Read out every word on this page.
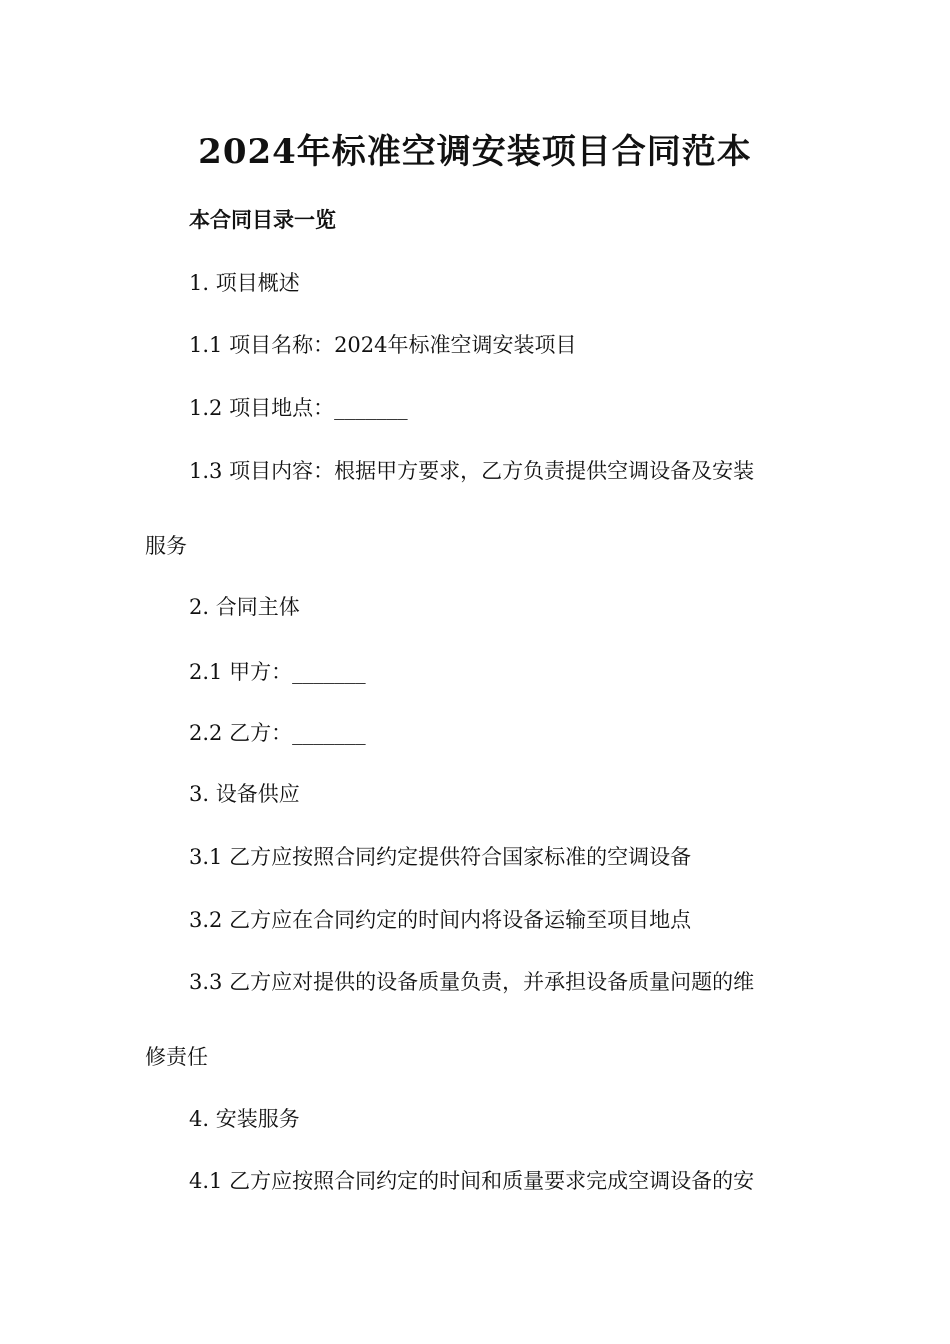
2024年标准空调安装项目合同范本

本合同目录一览

1. 项目概述

1.1 项目名称：2024年标准空调安装项目

1.2 项目地点：_______

1.3 项目内容：根据甲方要求，乙方负责提供空调设备及安装

服务

2. 合同主体

2.1 甲方：_______

2.2 乙方：_______

3. 设备供应

3.1 乙方应按照合同约定提供符合国家标准的空调设备

3.2 乙方应在合同约定的时间内将设备运输至项目地点

3.3 乙方应对提供的设备质量负责，并承担设备质量问题的维

修责任

4. 安装服务

4.1 乙方应按照合同约定的时间和质量要求完成空调设备的安
